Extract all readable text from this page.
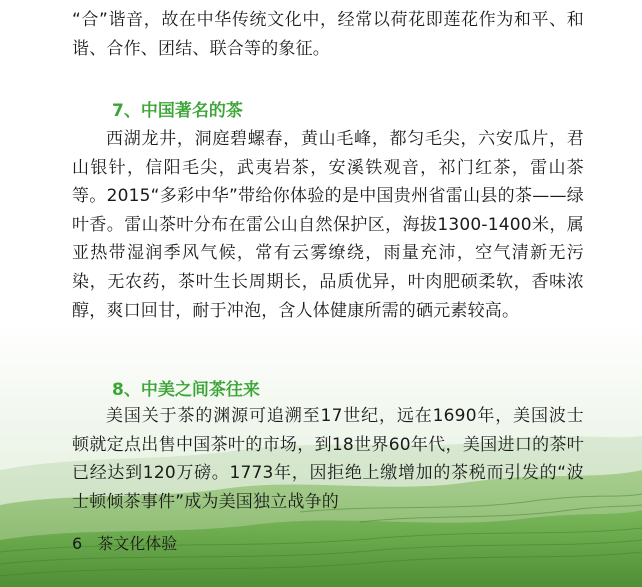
“合”谐音，故在中华传统文化中，经常以荷花即莲花作为和平、和谐、合作、团结、联合等的象征。

7、中国著名的茶

西湖龙井，洞庭碧螺春，黄山毛峰，都匀毛尖，六安瓜片，君山银针，信阳毛尖，武夷岩茶，安溪铁观音，祁门红茶，雷山茶等。2015“多彩中华”带给你体验的是中国贵州省雷山县的茶——绿叶香。雷山茶叶分布在雷公山自然保护区，海拔1300-1400米，属亚热带湿润季风气候，常有云雾缭绕，雨量充沛，空气清新无污染，无农药，茶叶生长周期长，品质优异，叶肉肥硕柔软，香味浓醇，爽口回甘，耐于冲泡，含人体健康所需的硒元素较高。

8、中美之间茶往来

美国关于茶的渊源可追溯至17世纪，远在1690年，美国波士顿就定点出售中国茶叶的市场，到18世界60年代，美国进口的茶叶已经达到120万磅。1773年，因拒绝上缴增加的茶税而引发的“波士顿倾茶事件”成为美国独立战争的

6 茶文化体验
